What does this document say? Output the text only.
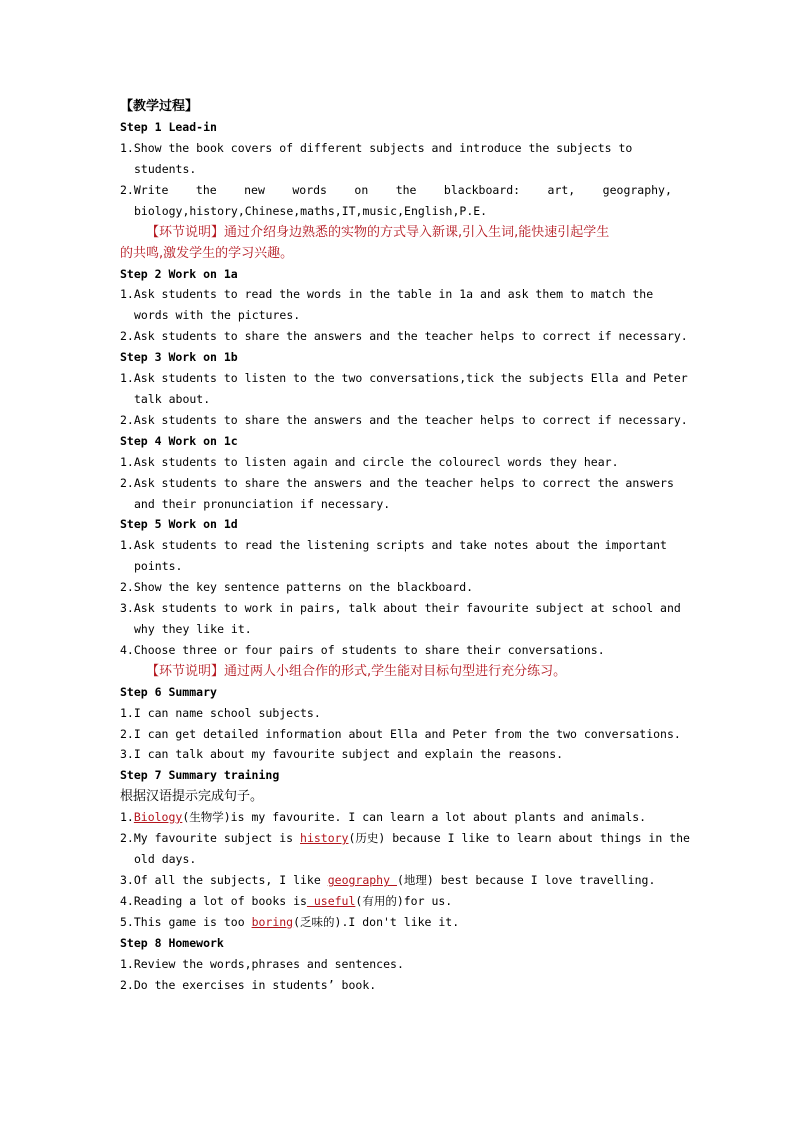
【教学过程】
Step 1 Lead-in
1.Show the book covers of different subjects and introduce the subjects to
students.
2.Write the new words on the blackboard: art, geography,
biology,history,Chinese,maths,IT,music,English,P.E.
【环节说明】通过介绍身边熟悉的实物的方式导入新课,引入生词,能快速引起学生
的共鸣,激发学生的学习兴趣。
Step 2 Work on 1a
1.Ask students to read the words in the table in 1a and ask them to match the
words with the pictures.
2.Ask students to share the answers and the teacher helps to correct if necessary.
Step 3 Work on 1b
1.Ask students to listen to the two conversations,tick the subjects Ella and Peter
talk about.
2.Ask students to share the answers and the teacher helps to correct if necessary.
Step 4 Work on 1c
1.Ask students to listen again and circle the colourecl words they hear.
2.Ask students to share the answers and the teacher helps to correct the answers
and their pronunciation if necessary.
Step 5 Work on 1d
1.Ask students to read the listening scripts and take notes about the important
points.
2.Show the key sentence patterns on the blackboard.
3.Ask students to work in pairs, talk about their favourite subject at school and
why they like it.
4.Choose three or four pairs of students to share their conversations.
【环节说明】通过两人小组合作的形式,学生能对目标句型进行充分练习。
Step 6 Summary
1.I can name school subjects.
2.I can get detailed information about Ella and Peter from the two conversations.
3.I can talk about my favourite subject and explain the reasons.
Step 7 Summary training
根据汉语提示完成句子。
1.Biology(生物学)is my favourite. I can learn a lot about plants and animals.
2.My favourite subject is history(历史) because I like to learn about things in the
old days.
3.Of all the subjects, I like geography (地理) best because I love travelling.
4.Reading a lot of books is useful(有用的)for us.
5.This game is too boring(乏味的).I don't like it.
Step 8 Homework
1.Review the words,phrases and sentences.
2.Do the exercises in students’ book.
